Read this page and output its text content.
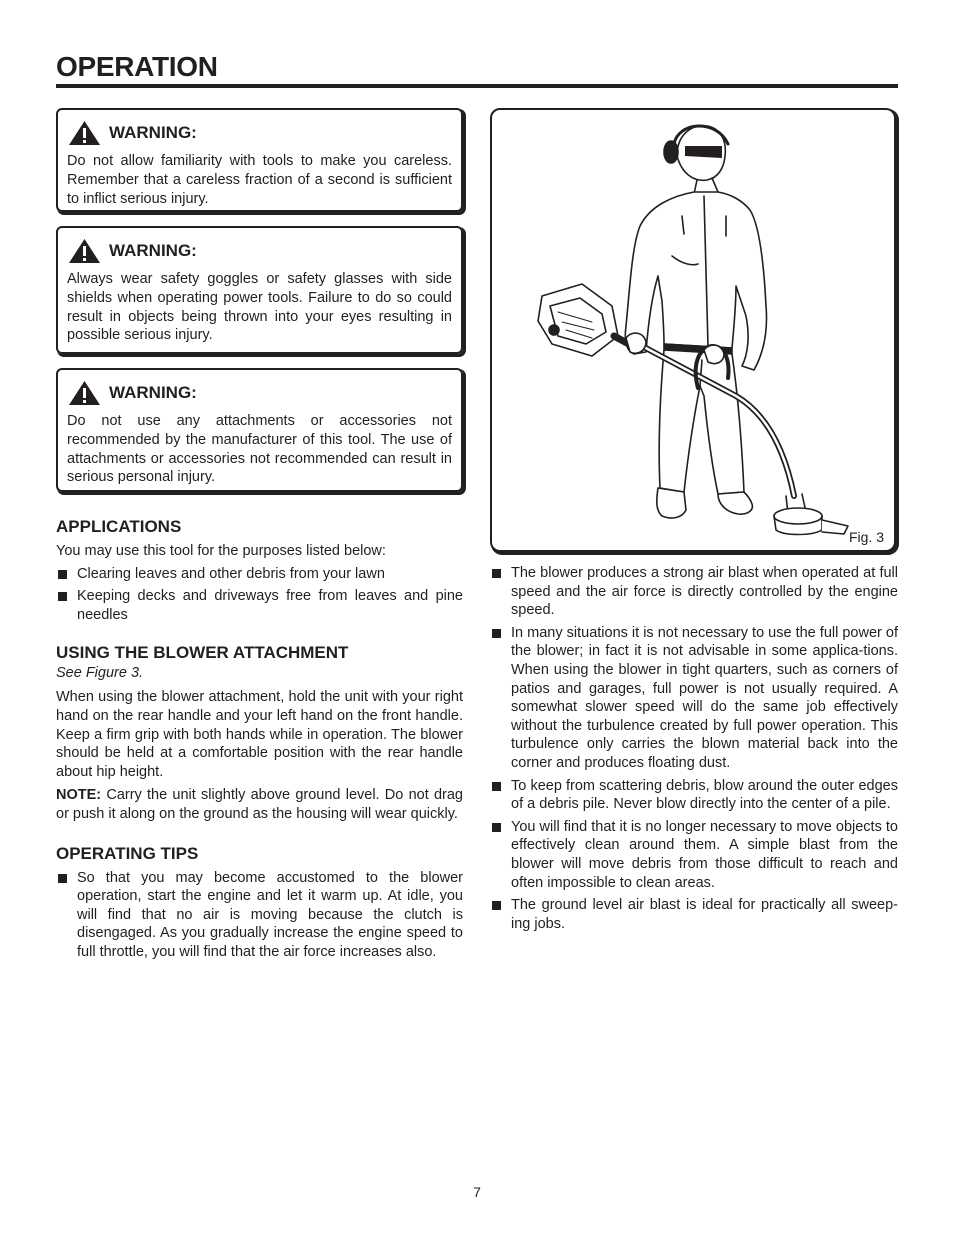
OPERATION
WARNING:

Do not allow familiarity with tools to make you careless. Remember that a careless fraction of a second is sufficient to inflict serious injury.

WARNING:

Always wear safety goggles or safety glasses with side shields when operating power tools. Failure to do so could result in objects being thrown into your eyes resulting in possible serious injury.

WARNING:

Do not use any attachments or accessories not recommended by the manufacturer of this tool. The use of attachments or accessories not recommended can result in serious personal injury.

APPLICATIONS

You may use this tool for the purposes listed below:

Clearing leaves and other debris from your lawn
Keeping decks and driveways free from leaves and pine needles
USING THE BLOWER ATTACHMENT

See Figure 3.

When using the blower attachment, hold the unit with your right hand on the rear handle and your left hand on the front handle. Keep a firm grip with both hands while in operation. The blower should be held at a comfortable position with the rear handle about hip height.

NOTE: Carry the unit slightly above ground level. Do not drag or push it along on the ground as the housing will wear quickly.

OPERATING TIPS
So that you may become accustomed to the blower operation, start the engine and let it warm up. At idle, you will find that no air is moving because the clutch is disengaged. As you gradually increase the engine speed to full throttle, you will find that the air force increases also.
Fig. 3
The blower produces a strong air blast when operated at full speed and the air force is directly controlled by the engine speed.
In many situations it is not necessary to use the full power of the blower; in fact it is not advisable in some applica-tions. When using the blower in tight quarters, such as corners of patios and garages, full power is not usually required. A somewhat slower speed will do the same job effectively without the turbulence created by full power operation. This turbulence only carries the blown material back into the corner and produces floating dust.
To keep from scattering debris, blow around the outer edges of a debris pile. Never blow directly into the center of a pile.
You will find that it is no longer necessary to move objects to effectively clean around them. A simple blast from the blower will move debris from those difficult to reach and often impossible to clean areas.
The ground level air blast is ideal for practically all sweep-ing jobs.
7
